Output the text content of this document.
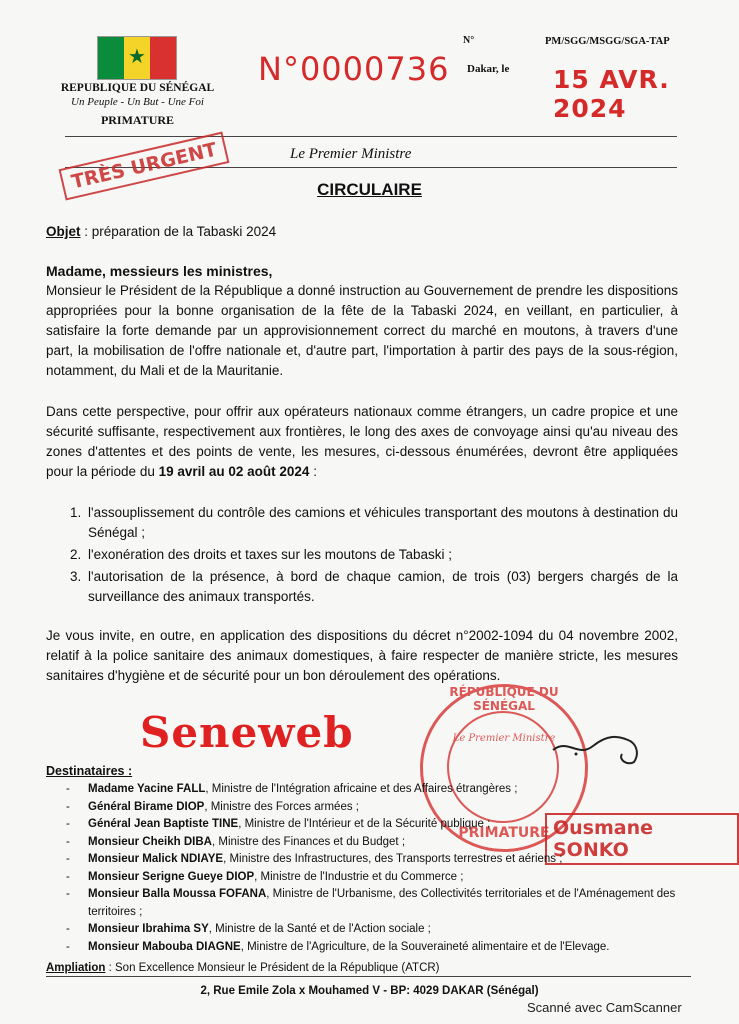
★
REPUBLIQUE DU SÉNÉGAL
Un Peuple - Un But - Une Foi
PRIMATURE
N°0000736
N°
Dakar, le
PM/SGG/MSGG/SGA-TAP
15 AVR. 2024
Le Premier Ministre
TRÈS URGENT	CIRCULAIRE
Objet : préparation de la Tabaski 2024
Madame, messieurs les ministres,
Monsieur le Président de la République a donné instruction au Gouvernement de prendre les dispositions appropriées pour la bonne organisation de la fête de la Tabaski 2024, en veillant, en particulier, à satisfaire la forte demande par un approvisionnement correct du marché en moutons, à travers d'une part, la mobilisation de l'offre nationale et, d'autre part, l'importation à partir des pays de la sous-région, notamment, du Mali et de la Mauritanie.
Dans cette perspective, pour offrir aux opérateurs nationaux comme étrangers, un cadre propice et une sécurité suffisante, respectivement aux frontières, le long des axes de convoyage ainsi qu'au niveau des zones d'attentes et des points de vente, les mesures, ci-dessous énumérées, devront être appliquées pour la période du 19 avril au 02 août 2024 :
1. l'assouplissement du contrôle des camions et véhicules transportant des moutons à destination du Sénégal ;
2. l'exonération des droits et taxes sur les moutons de Tabaski ;
3. l'autorisation de la présence, à bord de chaque camion, de trois (03) bergers chargés de la surveillance des animaux transportés.
Je vous invite, en outre, en application des dispositions du décret n°2002-1094 du 04 novembre 2002, relatif à la police sanitaire des animaux domestiques, à faire respecter de manière stricte, les mesures sanitaires d'hygiène et de sécurité pour un bon déroulement des opérations.
RÉPUBLIQUE DU SÉNÉGAL
Le Premier Ministre
PRIMATURE Ousmane SONKO
Seneweb
Destinataires :
-	Madame Yacine FALL, Ministre de l'Intégration africaine et des Affaires étrangères ;
-	Général Birame DIOP, Ministre des Forces armées ;
-	Général Jean Baptiste TINE, Ministre de l'Intérieur et de la Sécurité publique ;
-	Monsieur Cheikh DIBA, Ministre des Finances et du Budget ;
-	Monsieur Malick NDIAYE, Ministre des Infrastructures, des Transports terrestres et aériens ;
-	Monsieur Serigne Gueye DIOP, Ministre de l'Industrie et du Commerce ;
-	Monsieur Balla Moussa FOFANA, Ministre de l'Urbanisme, des Collectivités territoriales et de l'Aménagement des territoires ;
-	Monsieur Ibrahima SY, Ministre de la Santé et de l'Action sociale ;
-	Monsieur Mabouba DIAGNE, Ministre de l'Agriculture, de la Souveraineté alimentaire et de l'Elevage.
Ampliation : Son Excellence Monsieur le Président de la République (ATCR)
2, Rue Emile Zola x Mouhamed V - BP: 4029 DAKAR (Sénégal)
Scanné avec CamScanner
